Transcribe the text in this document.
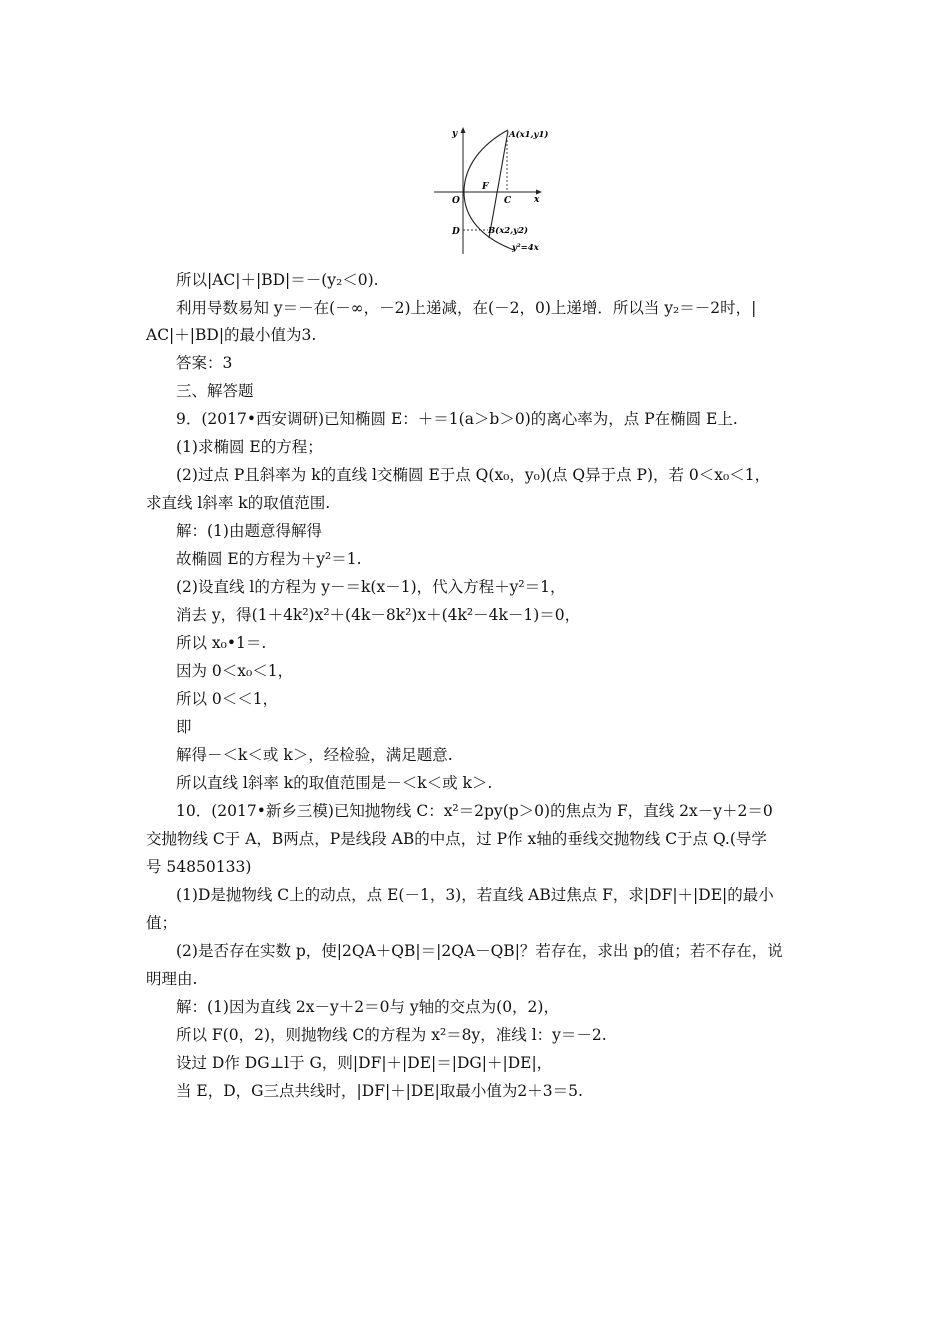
y
x
O
F
C
D
A(x1,y1)
B(x2,y2)
y²=4x
所以|AC|＋|BD|＝－(y₂＜0).
利用导数易知 y＝－在(－∞，－2)上递减，在(－2，0)上递增．所以当 y₂＝－2时，|
AC|＋|BD|的最小值为3.
答案：3
三、解答题
9．(2017•西安调研)已知椭圆 E：＋＝1(a＞b＞0)的离心率为，点 P在椭圆 E上.
(1)求椭圆 E的方程；
(2)过点 P且斜率为 k的直线 l交椭圆 E于点 Q(x₀，y₀)(点 Q异于点 P)，若 0＜x₀＜1，
求直线 l斜率 k的取值范围.
解：(1)由题意得解得
故椭圆 E的方程为＋y²＝1.
(2)设直线 l的方程为 y－＝k(x－1)，代入方程＋y²＝1，
消去 y，得(1＋4k²)x²＋(4k－8k²)x＋(4k²－4k－1)＝0，
所以 x₀•1＝.
因为 0＜x₀＜1，
所以 0＜＜1，
即
解得－＜k＜或 k＞，经检验，满足题意.
所以直线 l斜率 k的取值范围是－＜k＜或 k＞.
10．(2017•新乡三模)已知抛物线 C：x²＝2py(p＞0)的焦点为 F，直线 2x－y＋2＝0
交抛物线 C于 A，B两点，P是线段 AB的中点，过 P作 x轴的垂线交抛物线 C于点 Q.(导学
号 54850133)
(1)D是抛物线 C上的动点，点 E(－1，3)，若直线 AB过焦点 F，求|DF|＋|DE|的最小
值；
(2)是否存在实数 p，使|2QA＋QB|＝|2QA－QB|？若存在，求出 p的值；若不存在，说
明理由.
解：(1)因为直线 2x－y＋2＝0与 y轴的交点为(0，2)，
所以 F(0，2)，则抛物线 C的方程为 x²＝8y，准线 l：y＝－2.
设过 D作 DG⊥l于 G，则|DF|＋|DE|＝|DG|＋|DE|，
当 E，D，G三点共线时，|DF|＋|DE|取最小值为2＋3＝5.
